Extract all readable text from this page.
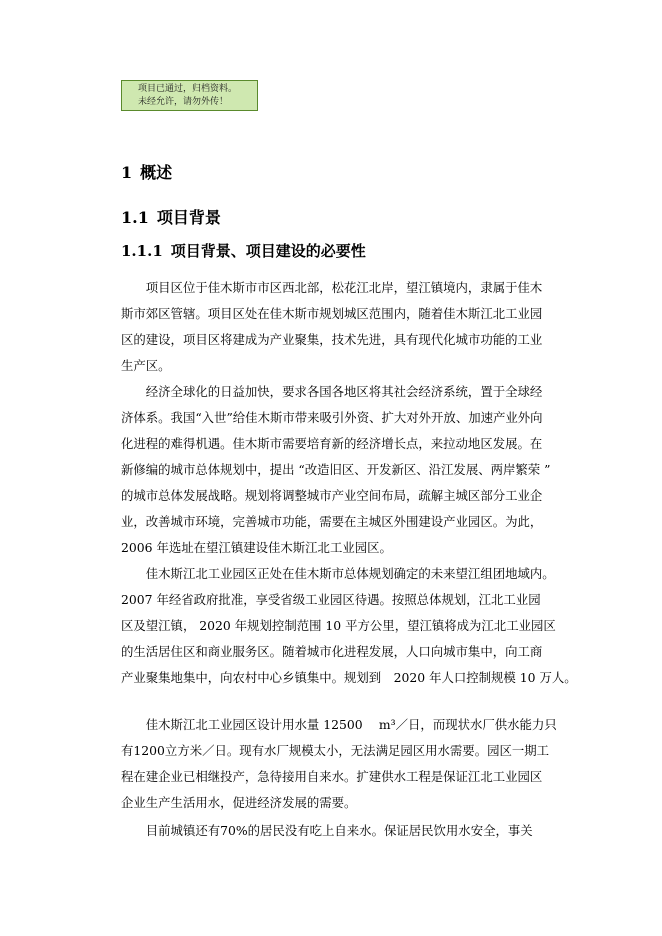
项目已通过，归档资料。
未经允许，请勿外传！
1 概述
1.1 项目背景
1.1.1 项目背景、项目建设的必要性
　　项目区位于佳木斯市市区西北部，松花江北岸，望江镇境内，隶属于佳木
斯市郊区管辖。项目区处在佳木斯市规划城区范围内，随着佳木斯江北工业园
区的建设，项目区将建成为产业聚集，技术先进，具有现代化城市功能的工业
生产区。
　　经济全球化的日益加快，要求各国各地区将其社会经济系统，置于全球经
济体系。我国“入世”给佳木斯市带来吸引外资、扩大对外开放、加速产业外向
化进程的难得机遇。佳木斯市需要培育新的经济增长点，来拉动地区发展。在
新修编的城市总体规划中，提出 “改造旧区、开发新区、沿江发展、两岸繁荣 ”
的城市总体发展战略。规划将调整城市产业空间布局，疏解主城区部分工业企
业，改善城市环境，完善城市功能，需要在主城区外围建设产业园区。为此，
2006 年选址在望江镇建设佳木斯江北工业园区。
　　佳木斯江北工业园区正处在佳木斯市总体规划确定的未来望江组团地域内。
2007 年经省政府批准，享受省级工业园区待遇。按照总体规划，江北工业园
区及望江镇， 2020 年规划控制范围 10 平方公里，望江镇将成为江北工业园区
的生活居住区和商业服务区。随着城市化进程发展，人口向城市集中，向工商
产业聚集地集中，向农村中心乡镇集中。规划到　2020 年人口控制规模 10 万人。
　　佳木斯江北工业园区设计用水量 12500　 m³／日，而现状水厂供水能力只
有1200立方米／日。现有水厂规模太小，无法满足园区用水需要。园区一期工
程在建企业已相继投产，急待接用自来水。扩建供水工程是保证江北工业园区
企业生产生活用水，促进经济发展的需要。
　　目前城镇还有70%的居民没有吃上自来水。保证居民饮用水安全，事关
